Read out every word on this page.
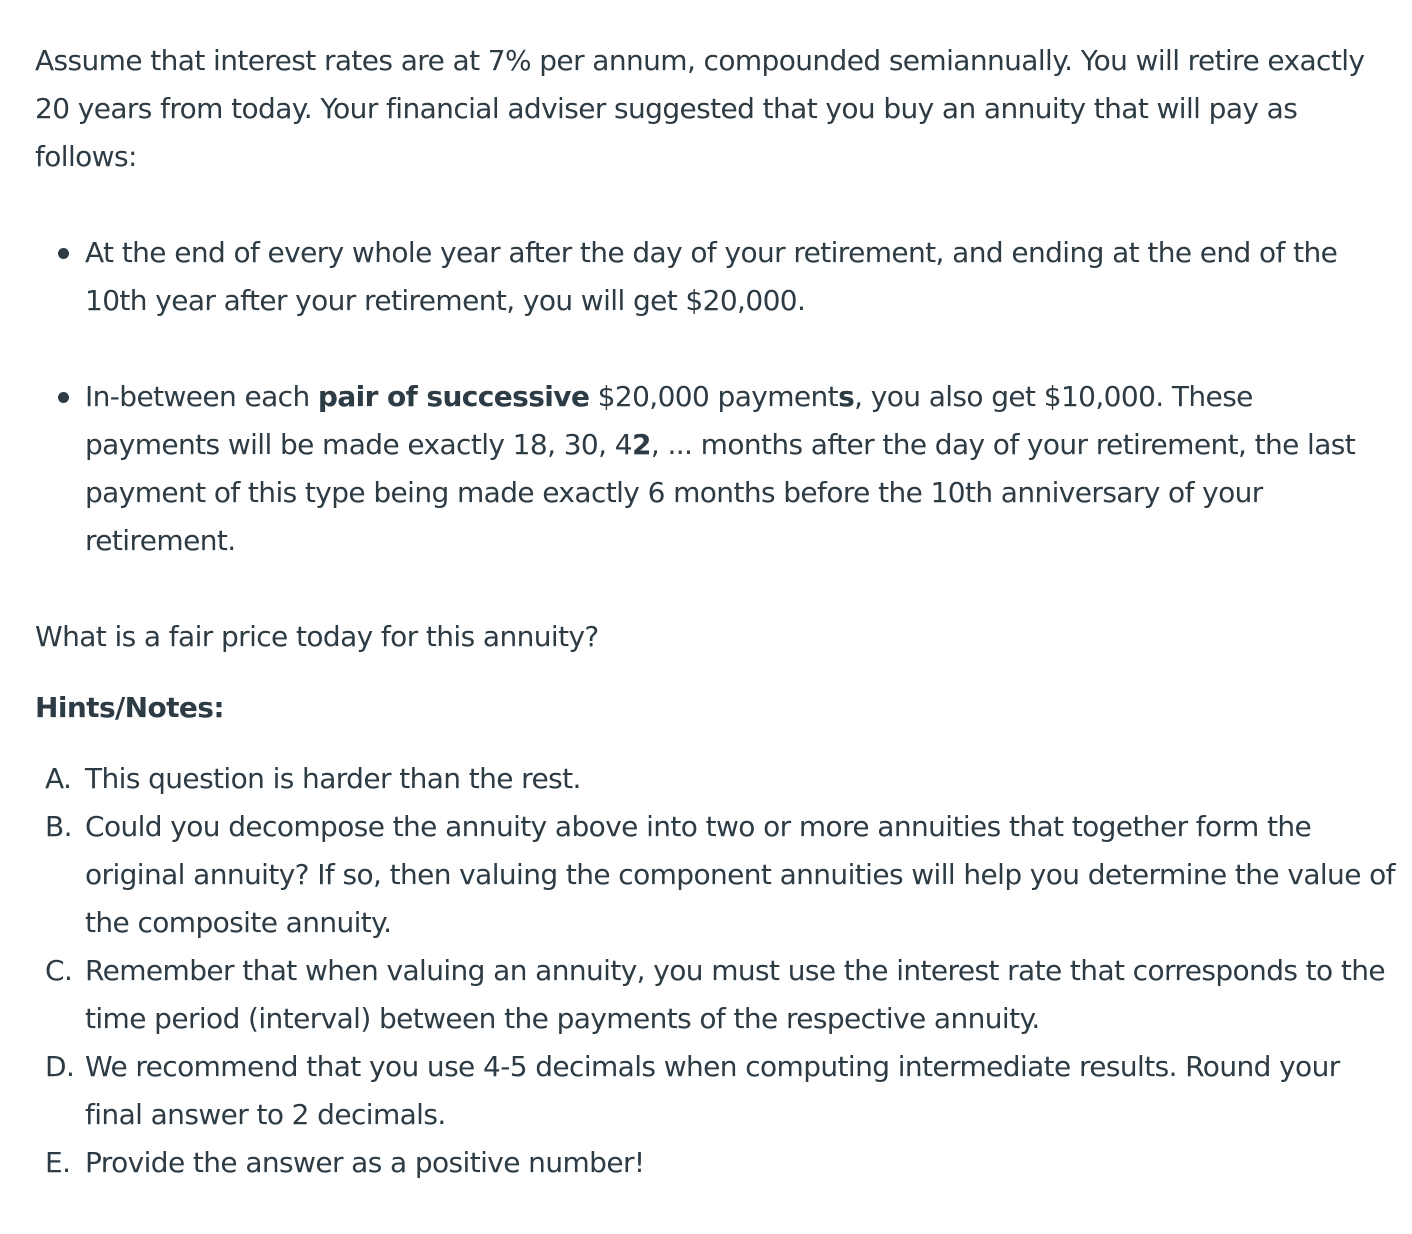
Assume that interest rates are at 7% per annum, compounded semiannually. You will retire exactly 20 years from today. Your financial adviser suggested that you buy an annuity that will pay as follows:

At the end of every whole year after the day of your retirement, and ending at the end of the 10th year after your retirement, you will get $20,000.
In-between each pair of successive $20,000 payments, you also get $10,000. These payments will be made exactly 18, 30, 42, ... months after the day of your retirement, the last payment of this type being made exactly 6 months before the 10th anniversary of your retirement.

What is a fair price today for this annuity?

Hints/Notes:

A. This question is harder than the rest.
B. Could you decompose the annuity above into two or more annuities that together form the original annuity? If so, then valuing the component annuities will help you determine the value of the composite annuity.
C. Remember that when valuing an annuity, you must use the interest rate that corresponds to the time period (interval) between the payments of the respective annuity.
D. We recommend that you use 4-5 decimals when computing intermediate results. Round your final answer to 2 decimals.
E. Provide the answer as a positive number!
